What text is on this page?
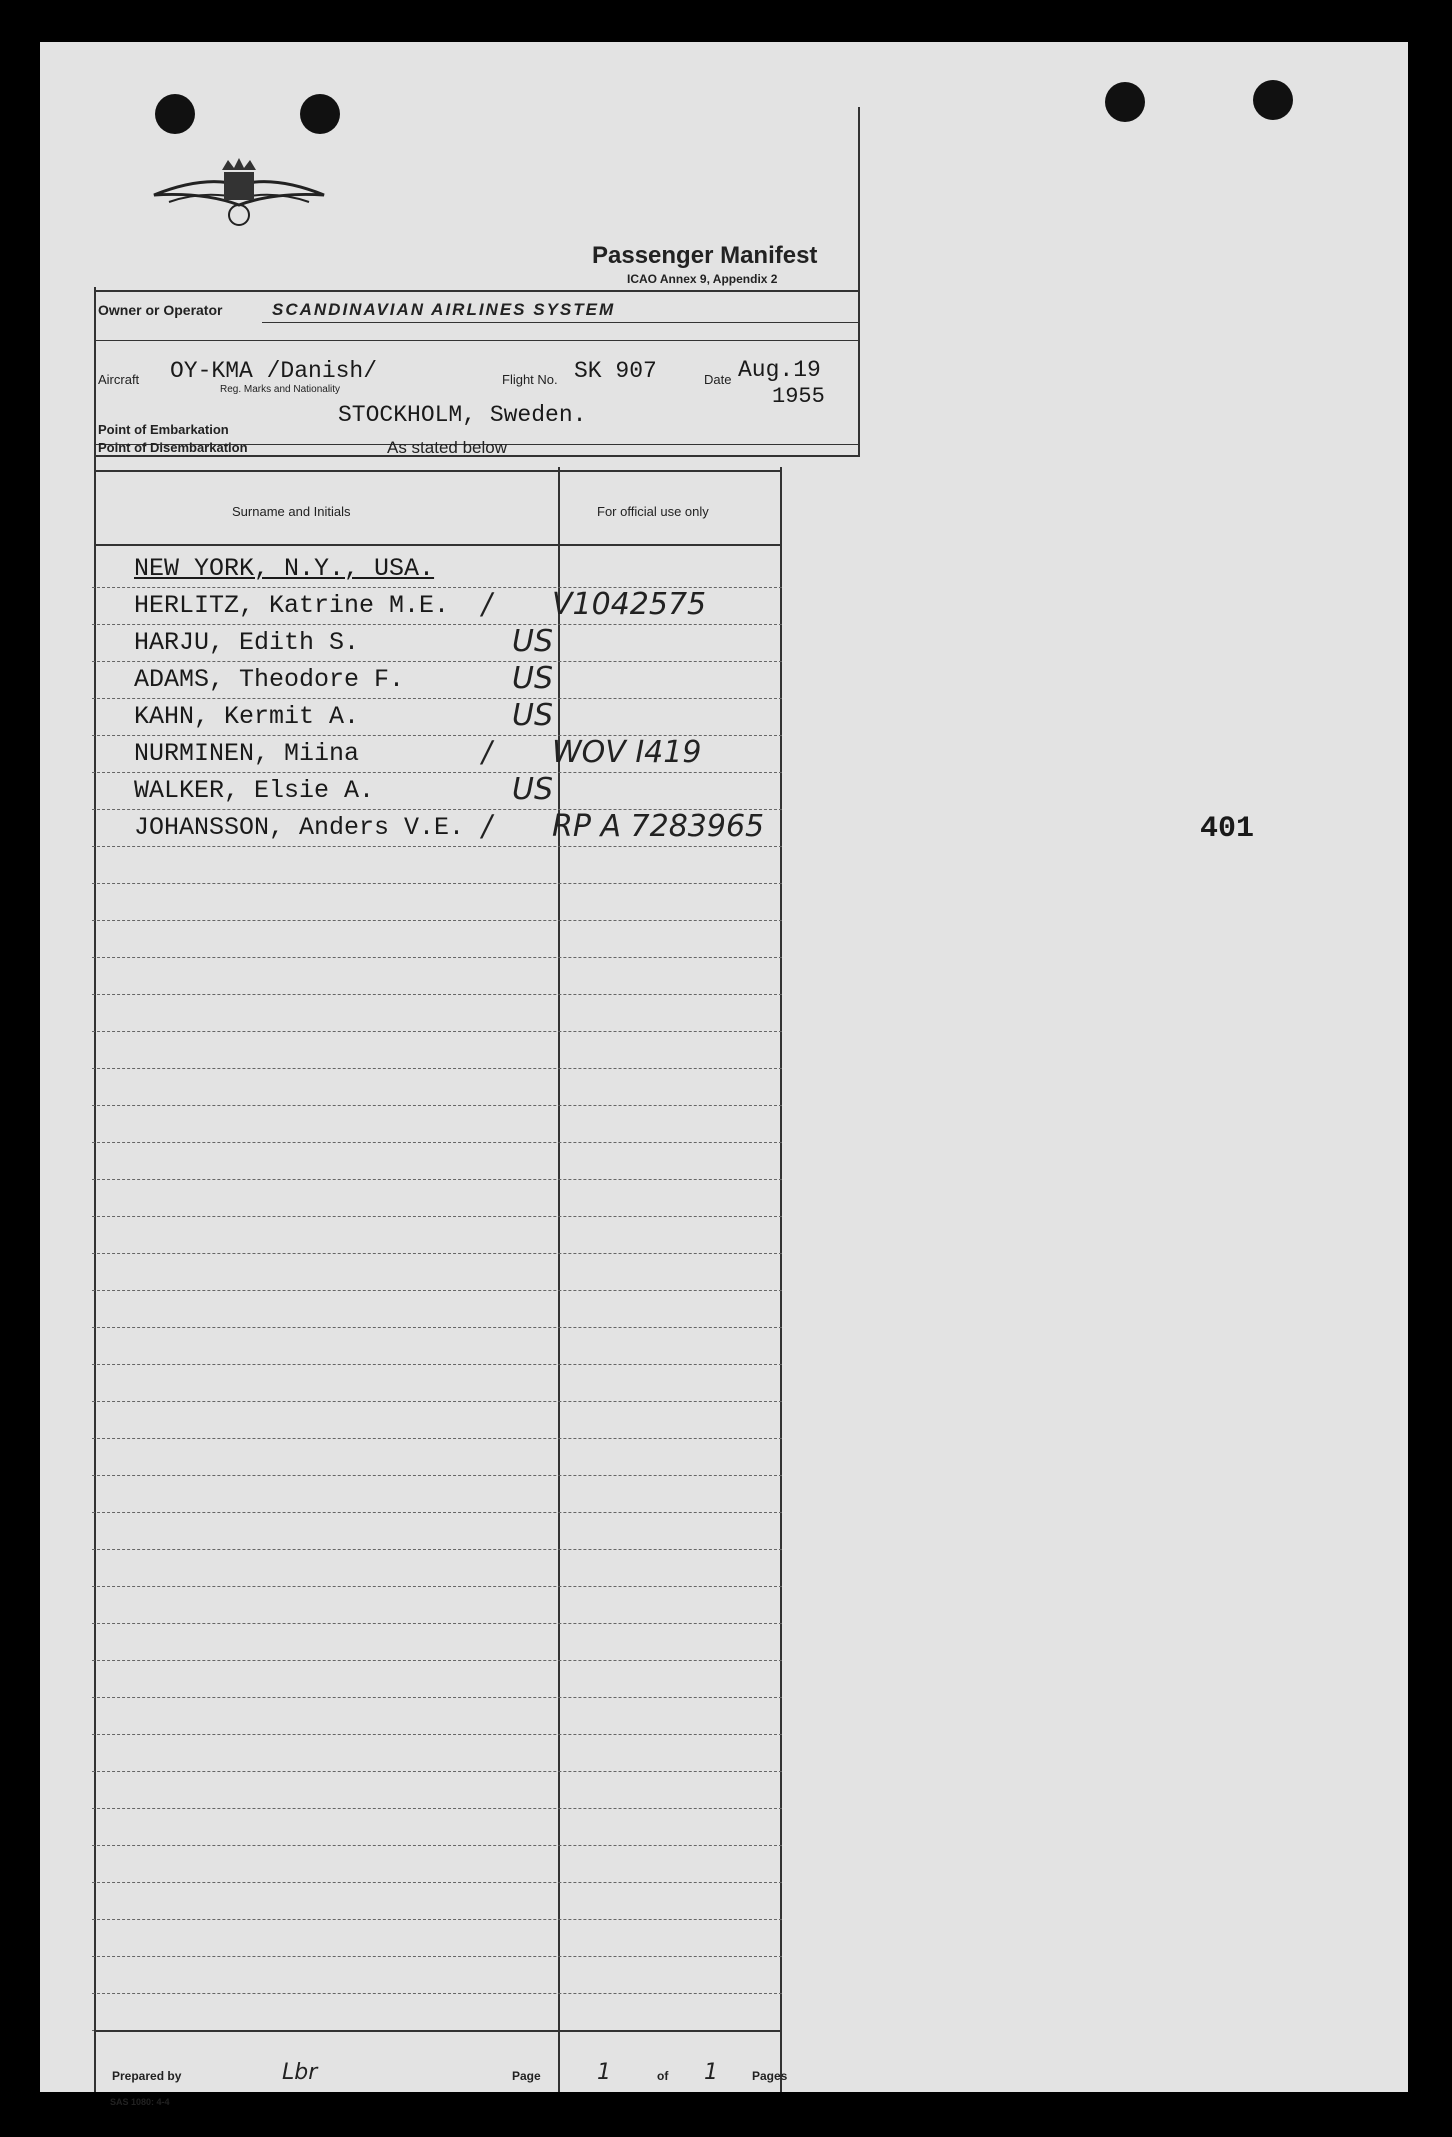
401
Passenger Manifest
ICAO Annex 9, Appendix 2
Owner or Operator	SCANDINAVIAN AIRLINES SYSTEM
Aircraft OY-KMA /Danish/
Reg. Marks and Nationality
Flight No. SK 907	Date Aug.19
1955
Point of Embarkation
STOCKHOLM, Sweden.
Point of Disembarkation	As stated below
Surname and Initials	For official use only
NEW YORK, N.Y., USA.
HERLITZ, Katrine M.E. / V1042575
HARJU, Edith S.	US
ADAMS, Theodore F.	US
KAHN, Kermit A.	US
NURMINEN, Miina	/ WOV I419
WALKER, Elsie A.	US
JOHANSSON, Anders V.E. / RP A 7283965
Prepared by	Lbr	Page	1	of 1	Pages
SAS 1080: 4-4
